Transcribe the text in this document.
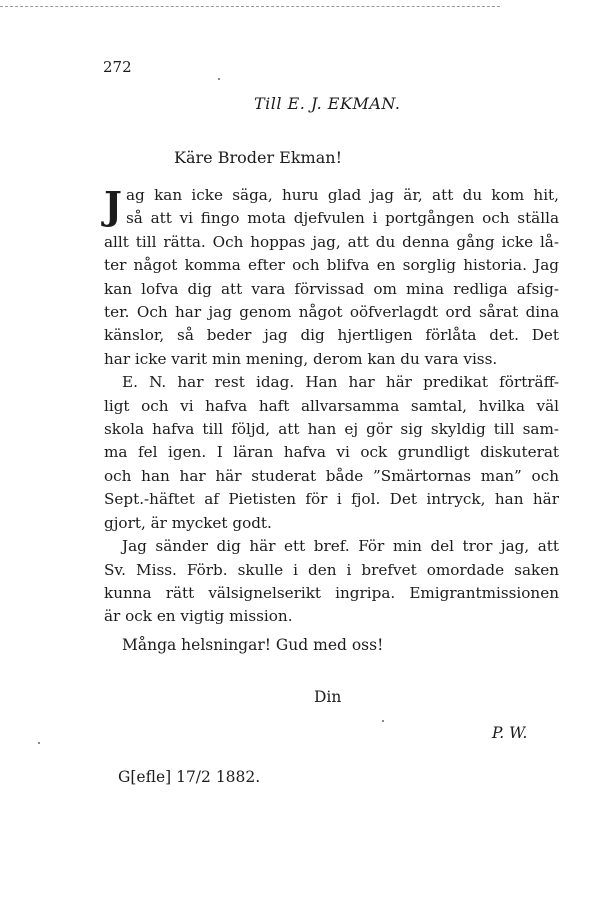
272
Till E. J. EKMAN.
Käre Broder Ekman!

J ag kan icke säga, huru glad jag är, att du kom hit,
så att vi fingo mota djefvulen i portgången och ställa
allt till rätta. Och hoppas jag, att du denna gång icke lå-
ter något komma efter och blifva en sorglig historia. Jag
kan lofva dig att vara förvissad om mina redliga afsig-
ter. Och har jag genom något oöfverlagdt ord sårat dina
känslor, så beder jag dig hjertligen förlåta det. Det
har icke varit min mening, derom kan du vara viss.

E. N. har rest idag. Han har här predikat förträff-
ligt och vi hafva haft allvarsamma samtal, hvilka väl
skola hafva till följd, att han ej gör sig skyldig till sam-
ma fel igen. I läran hafva vi ock grundligt diskuterat
och han har här studerat både ”Smärtornas man” och
Sept.-häftet af Pietisten för i fjol. Det intryck, han här
gjort, är mycket godt.

Jag sänder dig här ett bref. För min del tror jag, att
Sv. Miss. Förb. skulle i den i brefvet omordade saken
kunna rätt välsignelserikt ingripa. Emigrantmissionen
är ock en vigtig mission.

Många helsningar! Gud med oss!
Din
P. W.
G[efle] 17/2 1882.
